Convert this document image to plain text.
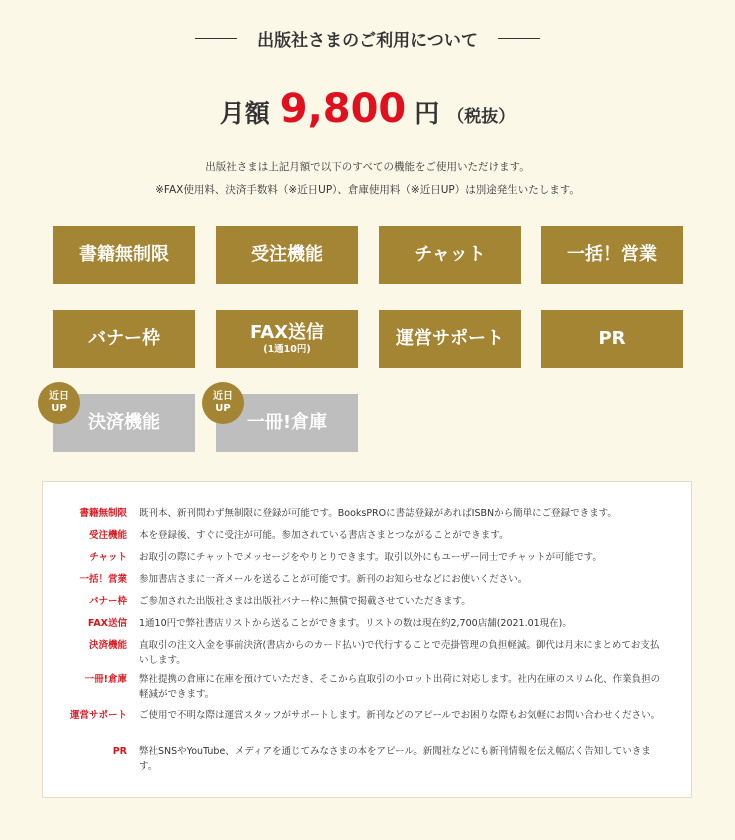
出版社さまのご利用について
月額 9,800 円 （税抜）
出版社さまは上記月額で以下のすべての機能をご使用いただけます。
※FAX使用料、決済手数料（※近日UP）、倉庫使用料（※近日UP）は別途発生いたします。
書籍無制限	受注機能	チャット	一括！営業
バナー枠	FAX送信
(1通10円)
運営サポート	PR
決済機能
近日
UP
一冊!倉庫
近日
UP
書籍無制限	既刊本、新刊問わず無制限に登録が可能です。BooksPROに書誌登録があればISBNから簡単にご登録できます。
受注機能	本を登録後、すぐに受注が可能。参加されている書店さまとつながることができます。
チャット	お取引の際にチャットでメッセージをやりとりできます。取引以外にもユーザー同士でチャットが可能です。
一括！営業	参加書店さまに一斉メールを送ることが可能です。新刊のお知らせなどにお使いください。
バナー枠	ご参加された出版社さまは出版社バナー枠に無償で掲載させていただきます。
FAX送信	1通10円で弊社書店リストから送ることができます。リストの数は現在約2,700店舗(2021.01現在)。
決済機能	直取引の注文入金を事前決済(書店からのカード払い)で代行することで売掛管理の負担軽減。御代は月末にまとめてお支払いします。
一冊!倉庫	弊社提携の倉庫に在庫を預けていただき、そこから直取引の小ロット出荷に対応します。社内在庫のスリム化、作業負担の軽減ができます。
運営サポート	ご使用で不明な際は運営スタッフがサポートします。新刊などのアピールでお困りな際もお気軽にお問い合わせください。
PR	弊社SNSやYouTube、メディアを通じてみなさまの本をアピール。新聞社などにも新刊情報を伝え幅広く告知していきます。
